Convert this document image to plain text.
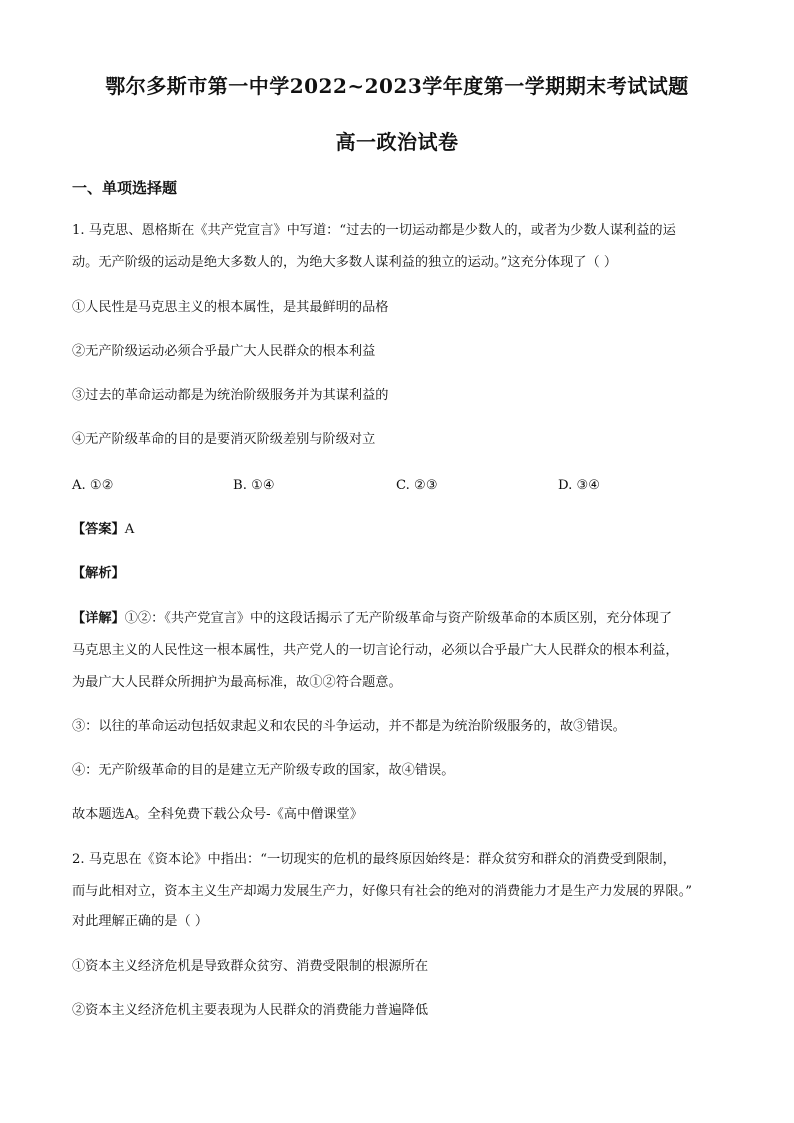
鄂尔多斯市第一中学2022~2023学年度第一学期期末考试试题
高一政治试卷
一、单项选择题
1. 马克思、恩格斯在《共产党宣言》中写道：“过去的一切运动都是少数人的，或者为少数人谋利益的运
动。无产阶级的运动是绝大多数人的，为绝大多数人谋利益的独立的运动。”这充分体现了（ ）
①人民性是马克思主义的根本属性，是其最鲜明的品格
②无产阶级运动必须合乎最广大人民群众的根本利益
③过去的革命运动都是为统治阶级服务并为其谋利益的
④无产阶级革命的目的是要消灭阶级差别与阶级对立
A. ①②	B. ①④	C. ②③	D. ③④
【答案】A
【解析】
【详解】①②：《共产党宣言》中的这段话揭示了无产阶级革命与资产阶级革命的本质区别，充分体现了
马克思主义的人民性这一根本属性，共产党人的一切言论行动，必须以合乎最广大人民群众的根本利益，
为最广大人民群众所拥护为最高标准，故①②符合题意。
③：以往的革命运动包括奴隶起义和农民的斗争运动，并不都是为统治阶级服务的，故③错误。
④：无产阶级革命的目的是建立无产阶级专政的国家，故④错误。
故本题选A。全科免费下载公众号-《高中僧课堂》
2. 马克思在《资本论》中指出：“一切现实的危机的最终原因始终是：群众贫穷和群众的消费受到限制，
而与此相对立，资本主义生产却竭力发展生产力，好像只有社会的绝对的消费能力才是生产力发展的界限。”
对此理解正确的是（ ）
①资本主义经济危机是导致群众贫穷、消费受限制的根源所在
②资本主义经济危机主要表现为人民群众的消费能力普遍降低
